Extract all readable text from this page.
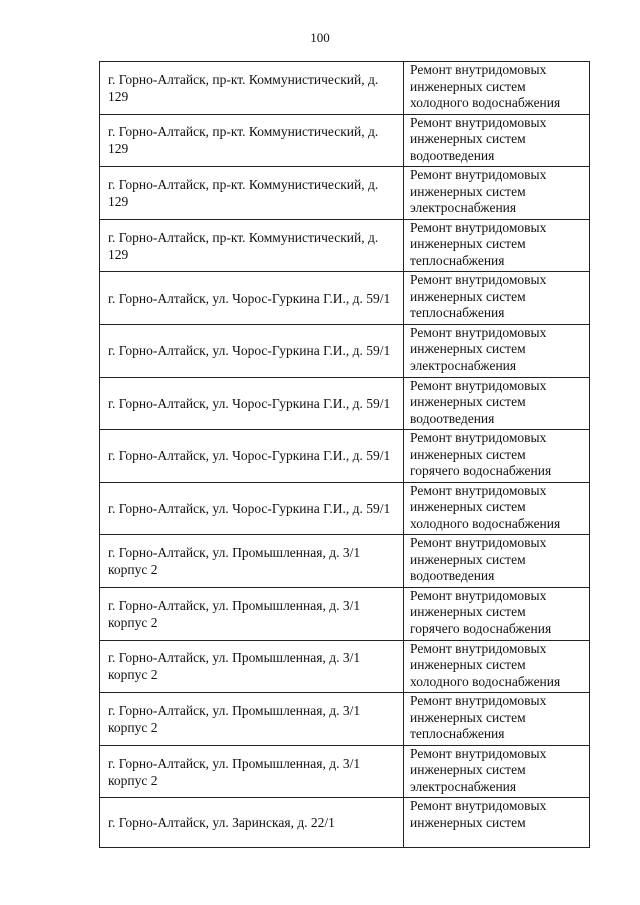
100
г. Горно-Алтайск, пр-кт. Коммунистический, д. 129	Ремонт внутридомовых
инженерных систем
холодного водоснабжения

г. Горно-Алтайск, пр-кт. Коммунистический, д. 129	Ремонт внутридомовых
инженерных систем
водоотведения

г. Горно-Алтайск, пр-кт. Коммунистический, д. 129	Ремонт внутридомовых
инженерных систем
электроснабжения

г. Горно-Алтайск, пр-кт. Коммунистический, д. 129	Ремонт внутридомовых
инженерных систем
теплоснабжения

г. Горно-Алтайск, ул. Чорос-Гуркина Г.И., д. 59/1	Ремонт внутридомовых
инженерных систем
теплоснабжения

г. Горно-Алтайск, ул. Чорос-Гуркина Г.И., д. 59/1	Ремонт внутридомовых
инженерных систем
электроснабжения

г. Горно-Алтайск, ул. Чорос-Гуркина Г.И., д. 59/1	Ремонт внутридомовых
инженерных систем
водоотведения

г. Горно-Алтайск, ул. Чорос-Гуркина Г.И., д. 59/1	Ремонт внутридомовых
инженерных систем
горячего водоснабжения

г. Горно-Алтайск, ул. Чорос-Гуркина Г.И., д. 59/1	Ремонт внутридомовых
инженерных систем
холодного водоснабжения

г. Горно-Алтайск, ул. Промышленная, д. 3/1 корпус 2	Ремонт внутридомовых
инженерных систем
водоотведения

г. Горно-Алтайск, ул. Промышленная, д. 3/1 корпус 2	Ремонт внутридомовых
инженерных систем
горячего водоснабжения

г. Горно-Алтайск, ул. Промышленная, д. 3/1 корпус 2	Ремонт внутридомовых
инженерных систем
холодного водоснабжения

г. Горно-Алтайск, ул. Промышленная, д. 3/1 корпус 2	Ремонт внутридомовых
инженерных систем
теплоснабжения

г. Горно-Алтайск, ул. Промышленная, д. 3/1 корпус 2	Ремонт внутридомовых
инженерных систем
электроснабжения

г. Горно-Алтайск, ул. Заринская, д. 22/1	Ремонт внутридомовых
инженерных систем
